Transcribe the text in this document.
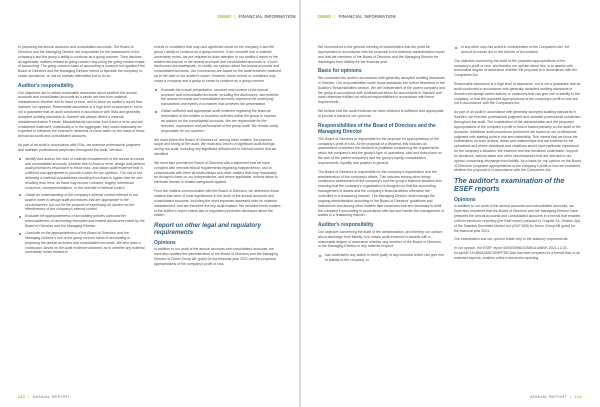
DEMO | FINANCIAL INFORMATION

In preparing the annual accounts and consolidated accounts, The Board of Directors and the Managing Director are responsible for the assessment of the company's and the group's ability to continue as a going concern. They disclose, as applicable, matters related to going concern and using the going concern basis of accounting. The going concern basis of accounting is however not applied if the Board of Directors and the Managing Director intend to liquidate the company, to cease operations, or has no realistic alternative but to do so.

Auditor's responsibility

Our objectives are to obtain reasonable assurance about whether the annual accounts and consolidated accounts as a whole are free from material misstatement, whether due to fraud or error, and to issue an auditor's report that includes our opinions. Reasonable assurance is a high level of assurance, but is not a guarantee that an audit conducted in accordance with ISAs and generally accepted auditing standards in Sweden will always detect a material misstatement when it exists. Misstatements can arise from fraud or error and are considered material if, individually or in the aggregate, they could reasonably be expected to influence the economic decisions of users taken on the basis of these annual accounts and consolidated accounts.

As part of an audit in accordance with ISAs, we exercise professional judgment and maintain professional scepticism throughout the audit. We also:

Identify and assess the risks of material misstatement of the annual accounts and consolidated accounts, whether due to fraud or error, design and perform audit procedures responsive to those risks, and obtain audit evidence that is sufficient and appropriate to provide a basis for our opinions. The risk of not detecting a material misstatement resulting from fraud is higher than for one resulting from error, as fraud may involve collusion, forgery, intentional omissions, misrepresentations, or the override of internal control.
Obtain an understanding of the company's internal control relevant to our audit in order to design audit procedures that are appropriate in the circumstances, but not for the purpose of expressing an opinion on the effectiveness of the company's internal control.
Evaluate the appropriateness of accounting policies used and the reasonableness of accounting estimates and related disclosures made by the Board of Directors and the Managing Director.
Conclude on the appropriateness of the Board of Directors' and the Managing Director's use of the going concern basis of accounting in preparing the annual accounts and consolidated accounts. We also draw a conclusion, based on the audit evidence obtained, as to whether any material uncertainty exists related to

events or conditions that may cast significant doubt on the company's and the group's ability to continue as a going concern. If we conclude that a material uncertainty exists, we are required to draw attention in our auditor's report to the related disclosures in the annual accounts and consolidated accounts or, if such disclosures are inadequate, to modify our opinion about the annual accounts and consolidated accounts. Our conclusions are based on the audit evidence obtained up to the date of our auditor's report. However, future events or conditions may cause a company and a group to cease to continue as a going concern.

Evaluate the overall presentation, structure and content of the annual accounts and consolidated accounts, including the disclosures, and whether the annual accounts and consolidated accounts represent the underlying transactions and events in a manner that achieves fair presentation.
Obtain sufficient and appropriate audit evidence regarding the financial information of the entities or business activities within the group to express an opinion on the consolidated accounts. We are responsible for the direction, supervision and performance of the group audit. We remain solely responsible for our opinions.

We must inform the Board of Directors of, among other matters, the planned scope and timing of the audit. We must also inform of significant audit findings during our audit, including any significant deficiencies in internal control that we identified.

We must also provide the Board of Directors with a statement that we have complied with relevant ethical requirements regarding independence, and to communicate with them all relationships and other matters that may reasonably be thought to bear on our independence, and where applicable, actions taken to eliminate threats or related safeguards applied.

From the matters communicated with the Board of Directors, we determine those matters that were of most significance in the audit of the annual accounts and consolidated accounts, including the most important assessed risks for material misstatement, and are therefore the key audit matters. We describe these matters in the auditor's report unless law or regulation precludes disclosure about the matter.

Report on other legal and regulatory requirements
Opinions

In addition to our audit of the annual accounts and consolidated accounts, we have also audited the administration of the Board of Directors and the Managing Director of Demo Group AB (publ) for the financial year 2021 and the proposed appropriations of the company's profit or loss.

112 | ANNUAL REPORT
DEMO | FINANCIAL INFORMATION

We recommend to the general meeting of shareholders that the profit be appropriated in accordance with the proposal in the statutory administration report and that the members of the Board of Directors and the Managing Director be discharged from liability for the financial year.

Basis for opinions

We conducted the audit in accordance with generally accepted auditing standards in Sweden. Our responsibilities under those standards are further described in the Auditor's Responsibilities section. We are independent of the parent company and the group in accordance with professional ethics for accountants in Sweden and have otherwise fulfilled our ethical responsibilities in accordance with these requirements.

We believe that the audit evidence we have obtained is sufficient and appropriate to provide a basis for our opinions.

Responsibilities of the Board of Directors and the Managing Director

The Board of Directors is responsible for the proposal for appropriations of the company's profit or loss. At the proposal of a dividend, this includes an assessment of whether the dividend is justifiable considering the requirements which the company's and the group's type of operations, size and risks place on the size of the parent company's and the group's equity, consolidation requirements, liquidity and position in general.

The Board of Directors is responsible for the company's organization and the administration of the company's affairs. This includes among other things continuous assessment of the company's and the group's financial situation and ensuring that the company's organization is designed so that the accounting, management of assets and the company's financial affairs otherwise are controlled in a reassuring manner. The Managing Director shall manage the ongoing administration according to the Board of Directors' guidelines and instructions and among other matters take measures that are necessary to fulfill the company's accounting in accordance with law and handle the management of assets in a reassuring manner.

Auditor's responsibility

Our objective concerning the audit of the administration, and thereby our opinion about discharge from liability, is to obtain audit evidence to assess with a reasonable degree of assurance whether any member of the Board of Directors or the Managing Director in any material respect:

has undertaken any action or been guilty of any omission which can give rise to liability to the company, or
in any other way has acted in contravention of the Companies Act, the Annual Accounts Act or the Articles of Association.

Our objective concerning the audit of the proposed appropriations of the company's profit or loss, and thereby our opinion about this, is to assess with reasonable degree of assurance whether the proposal is in accordance with the Companies Act.

Reasonable assurance is a high level of assurance, but is not a guarantee that an audit conducted in accordance with generally accepted auditing standards in Sweden will always detect actions or omissions that can give rise to liability to the company, or that the proposed appropriations of the company's profit or loss are not in accordance with the Companies Act.

As part of an audit in accordance with generally accepted auditing standards in Sweden, we exercise professional judgment and maintain professional scepticism throughout the audit. The examination of the administration and the proposed appropriations of the company's profit or loss is based primarily on the audit of the accounts. Additional audit procedures performed are based on our professional judgment with starting point in risk and materiality. This means that we focus the examination on such actions, areas and relationships that are material for the operations and where deviations and violations would have particular importance for the company's situation. We examine and test decisions undertaken, support for decisions, actions taken and other circumstances that are relevant to our opinion concerning discharge from liability. As a basis for our opinion on the Board of Directors' proposed appropriations of the company's profit or loss we examined whether the proposal is in accordance with the Companies Act.

The auditor's examination of the ESEF reports
Opinions

In addition to our audit of the annual accounts and consolidated accounts, we have also examined that the Board of Directors and the Managing Director have prepared the annual accounts and consolidated accounts in a format that enables uniform electronic reporting (the Esef report) pursuant to Chapter 16, Section 4(a) of the Swedish Securities Market Act (2007:528) for Demo Group AB (publ) for the financial year 2021.

Our examination and our opinion relate only to the statutory requirements.

In our opinion, the ESEF report 5493009WA1GNB1A1wBVK-2021-12-31-en.zip#4F1414B6A3D6C0D9FF35C5A6 has been prepared in a format that, in all material respects, enables uniform electronic reporting.

ANNUAL REPORT | 113
